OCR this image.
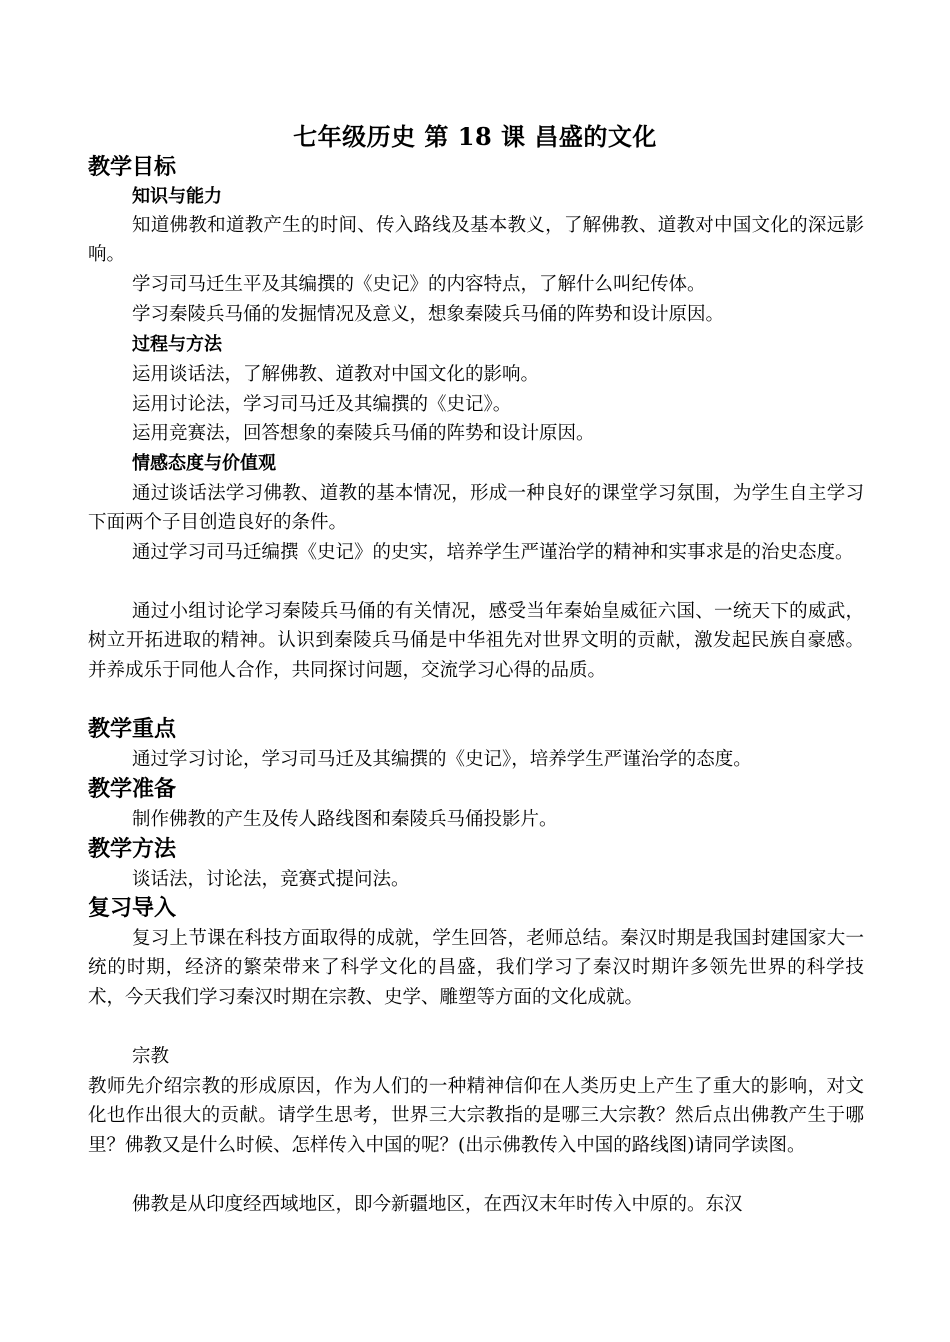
七年级历史 第 18 课 昌盛的文化
教学目标
知识与能力

知道佛教和道教产生的时间、传入路线及基本教义，了解佛教、道教对中国文化的深远影响。

学习司马迁生平及其编撰的《史记》的内容特点，了解什么叫纪传体。

学习秦陵兵马俑的发掘情况及意义，想象秦陵兵马俑的阵势和设计原因。

过程与方法

运用谈话法，了解佛教、道教对中国文化的影响。

运用讨论法，学习司马迁及其编撰的《史记》。

运用竞赛法，回答想象的秦陵兵马俑的阵势和设计原因。

情感态度与价值观

通过谈话法学习佛教、道教的基本情况，形成一种良好的课堂学习氛围，为学生自主学习下面两个子目创造良好的条件。

通过学习司马迁编撰《史记》的史实，培养学生严谨治学的精神和实事求是的治史态度。

通过小组讨论学习秦陵兵马俑的有关情况，感受当年秦始皇威征六国、一统天下的威武，树立开拓进取的精神。认识到秦陵兵马俑是中华祖先对世界文明的贡献，激发起民族自豪感。并养成乐于同他人合作，共同探讨问题，交流学习心得的品质。

教学重点

通过学习讨论，学习司马迁及其编撰的《史记》，培养学生严谨治学的态度。

教学准备

制作佛教的产生及传人路线图和秦陵兵马俑投影片。

教学方法

谈话法，讨论法，竞赛式提问法。

复习导入

复习上节课在科技方面取得的成就，学生回答，老师总结。秦汉时期是我国封建国家大一统的时期，经济的繁荣带来了科学文化的昌盛，我们学习了秦汉时期许多领先世界的科学技术，今天我们学习秦汉时期在宗教、史学、雕塑等方面的文化成就。

宗教

教师先介绍宗教的形成原因，作为人们的一种精神信仰在人类历史上产生了重大的影响，对文化也作出很大的贡献。请学生思考，世界三大宗教指的是哪三大宗教？然后点出佛教产生于哪里？佛教又是什么时候、怎样传入中国的呢？(出示佛教传入中国的路线图)请同学读图。

佛教是从印度经西域地区，即今新疆地区，在西汉末年时传入中原的。东汉
